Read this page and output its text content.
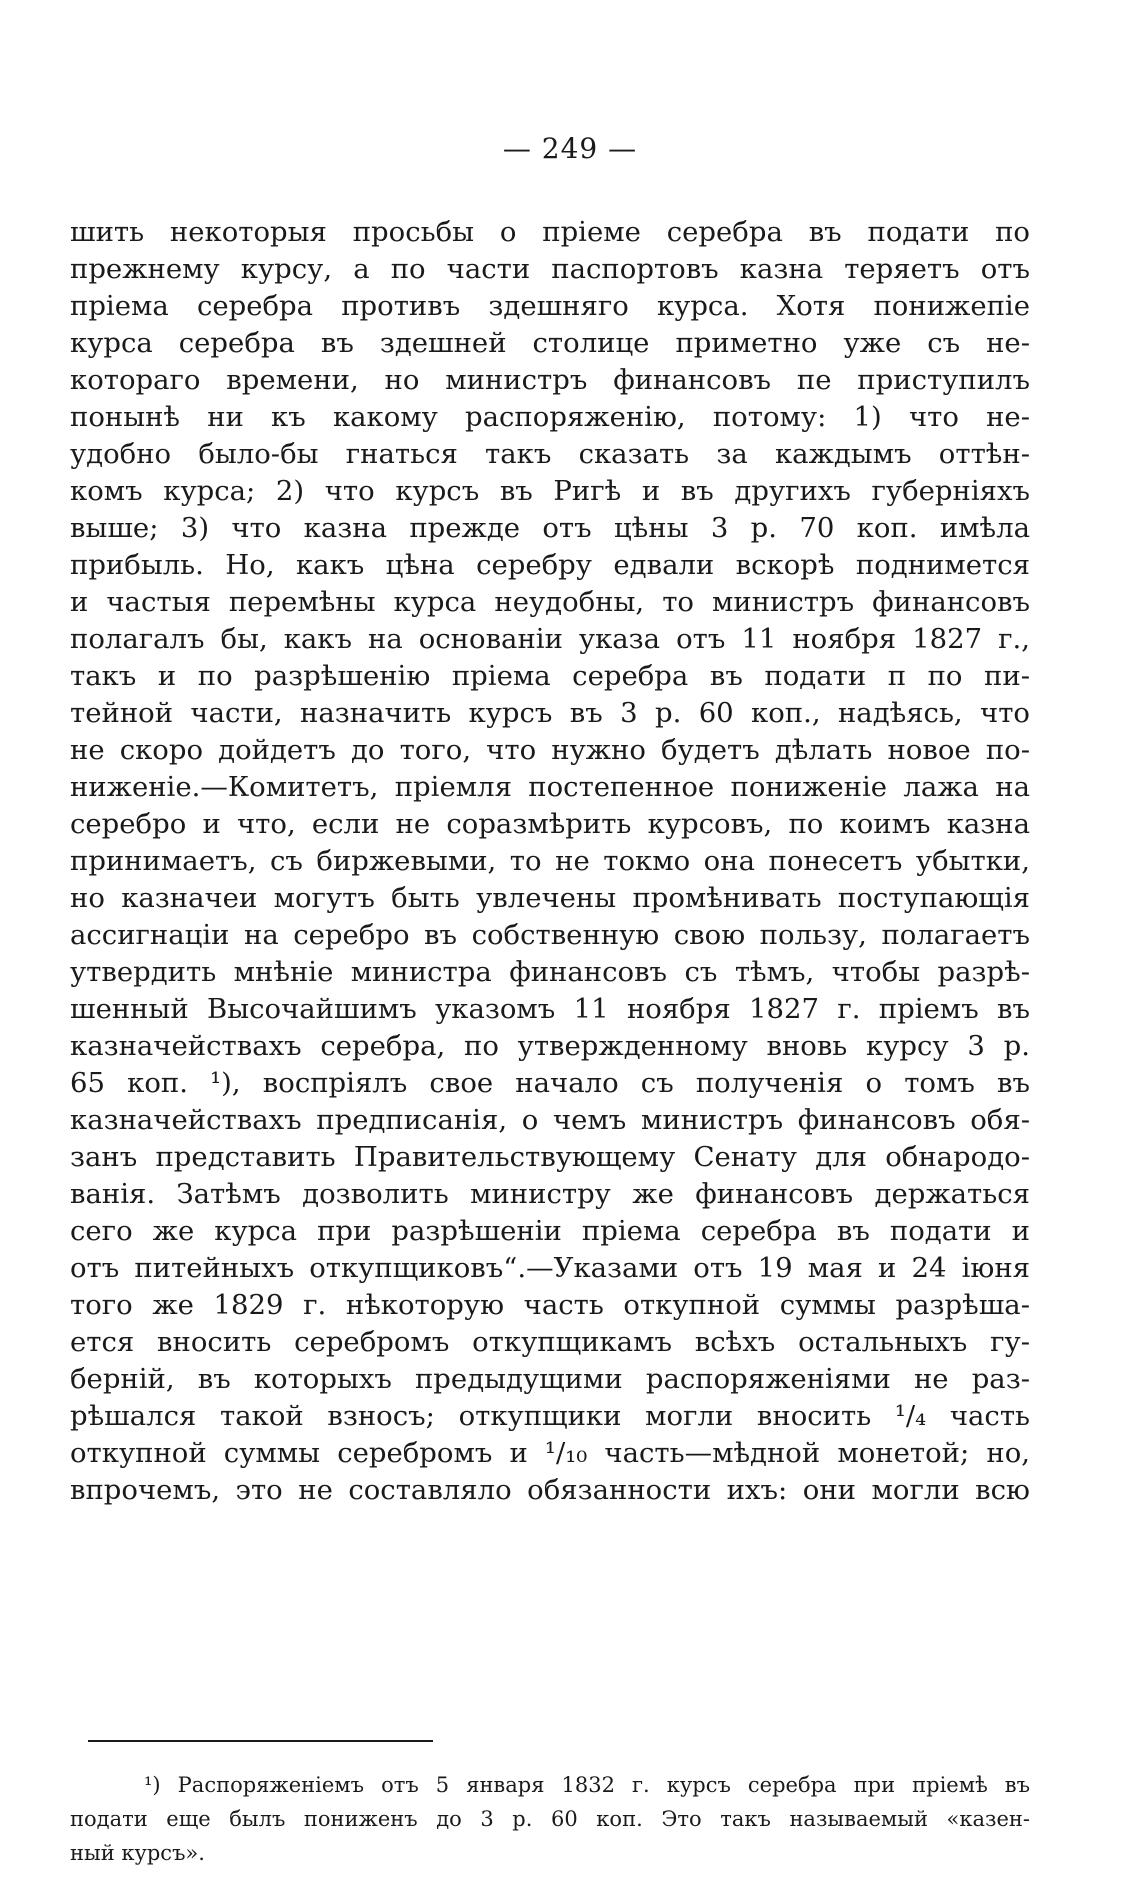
— 249 —
шить некоторыя просьбы о прieме серебра въ подати по
прежнему курсу, а по части паспортовъ казна теряетъ отъ
прiема серебра противъ здешняго курса. Хотя понижепie
курса серебра въ здешней столице приметно уже съ не-
котораго времени, но министръ финансовъ пе приступилъ
понынѣ ни къ какому распоряженiю, потому: 1) что не-
удобно было-бы гнаться такъ сказать за каждымъ оттѣн-
комъ курса; 2) что курсъ въ Ригѣ и въ другихъ губернiяхъ
выше; 3) что казна прежде отъ цѣны 3 р. 70 коп. имѣла
прибыль. Но, какъ цѣна серебру едвали вскорѣ поднимется
и частыя перемѣны курса неудобны, то министръ финансовъ
полагалъ бы, какъ на основанiи указа отъ 11 ноября 1827 г.,
такъ и по разрѣшенiю прiема серебра въ подати п по пи-
тейной части, назначить курсъ въ 3 р. 60 коп., надѣясь, что
не скоро дойдетъ до того, что нужно будетъ дѣлать новое по-
ниженiе.—Комитетъ, прiемля постепенное пониженiе лажа на
серебро и что, если не соразмѣрить курсовъ, по коимъ казна
принимаетъ, съ биржевыми, то не токмо она понесетъ убытки,
но казначеи могутъ быть увлечены промѣнивать поступающiя
ассигнацiи на серебро въ собственную свою пользу, полагаетъ
утвердить мнѣнiе министра финансовъ съ тѣмъ, чтобы разрѣ-
шенный Высочайшимъ указомъ 11 ноября 1827 г. прiемъ въ
казначействахъ серебра, по утвержденному вновь курсу 3 р.
65 коп. ¹), воспрiялъ свое начало съ полученiя о томъ въ
казначействахъ предписанiя, о чемъ министръ финансовъ обя-
занъ представить Правительствующему Сенату для обнародо-
ванiя. Затѣмъ дозволить министру же финансовъ держаться
сего же курса при разрѣшенiи прiема серебра въ подати и
отъ питейныхъ откупщиковъ“.—Указами отъ 19 мая и 24 iюня
того же 1829 г. нѣкоторую часть откупной суммы разрѣша-
ется вносить серебромъ откупщикамъ всѣхъ остальныхъ гу-
берній, въ которыхъ предыдущими распоряженiями не раз-
рѣшался такой взносъ; откупщики могли вносить ¹/₄ часть
откупной суммы серебромъ и ¹/₁₀ часть—мѣдной монетой; но,
впрочемъ, это не составляло обязанности ихъ: они могли всю
¹) Распоряженiемъ отъ 5 января 1832 г. курсъ серебра при прiемѣ въ
подати еще былъ пониженъ до 3 р. 60 коп. Это такъ называемый «казен-
ный курсъ».
